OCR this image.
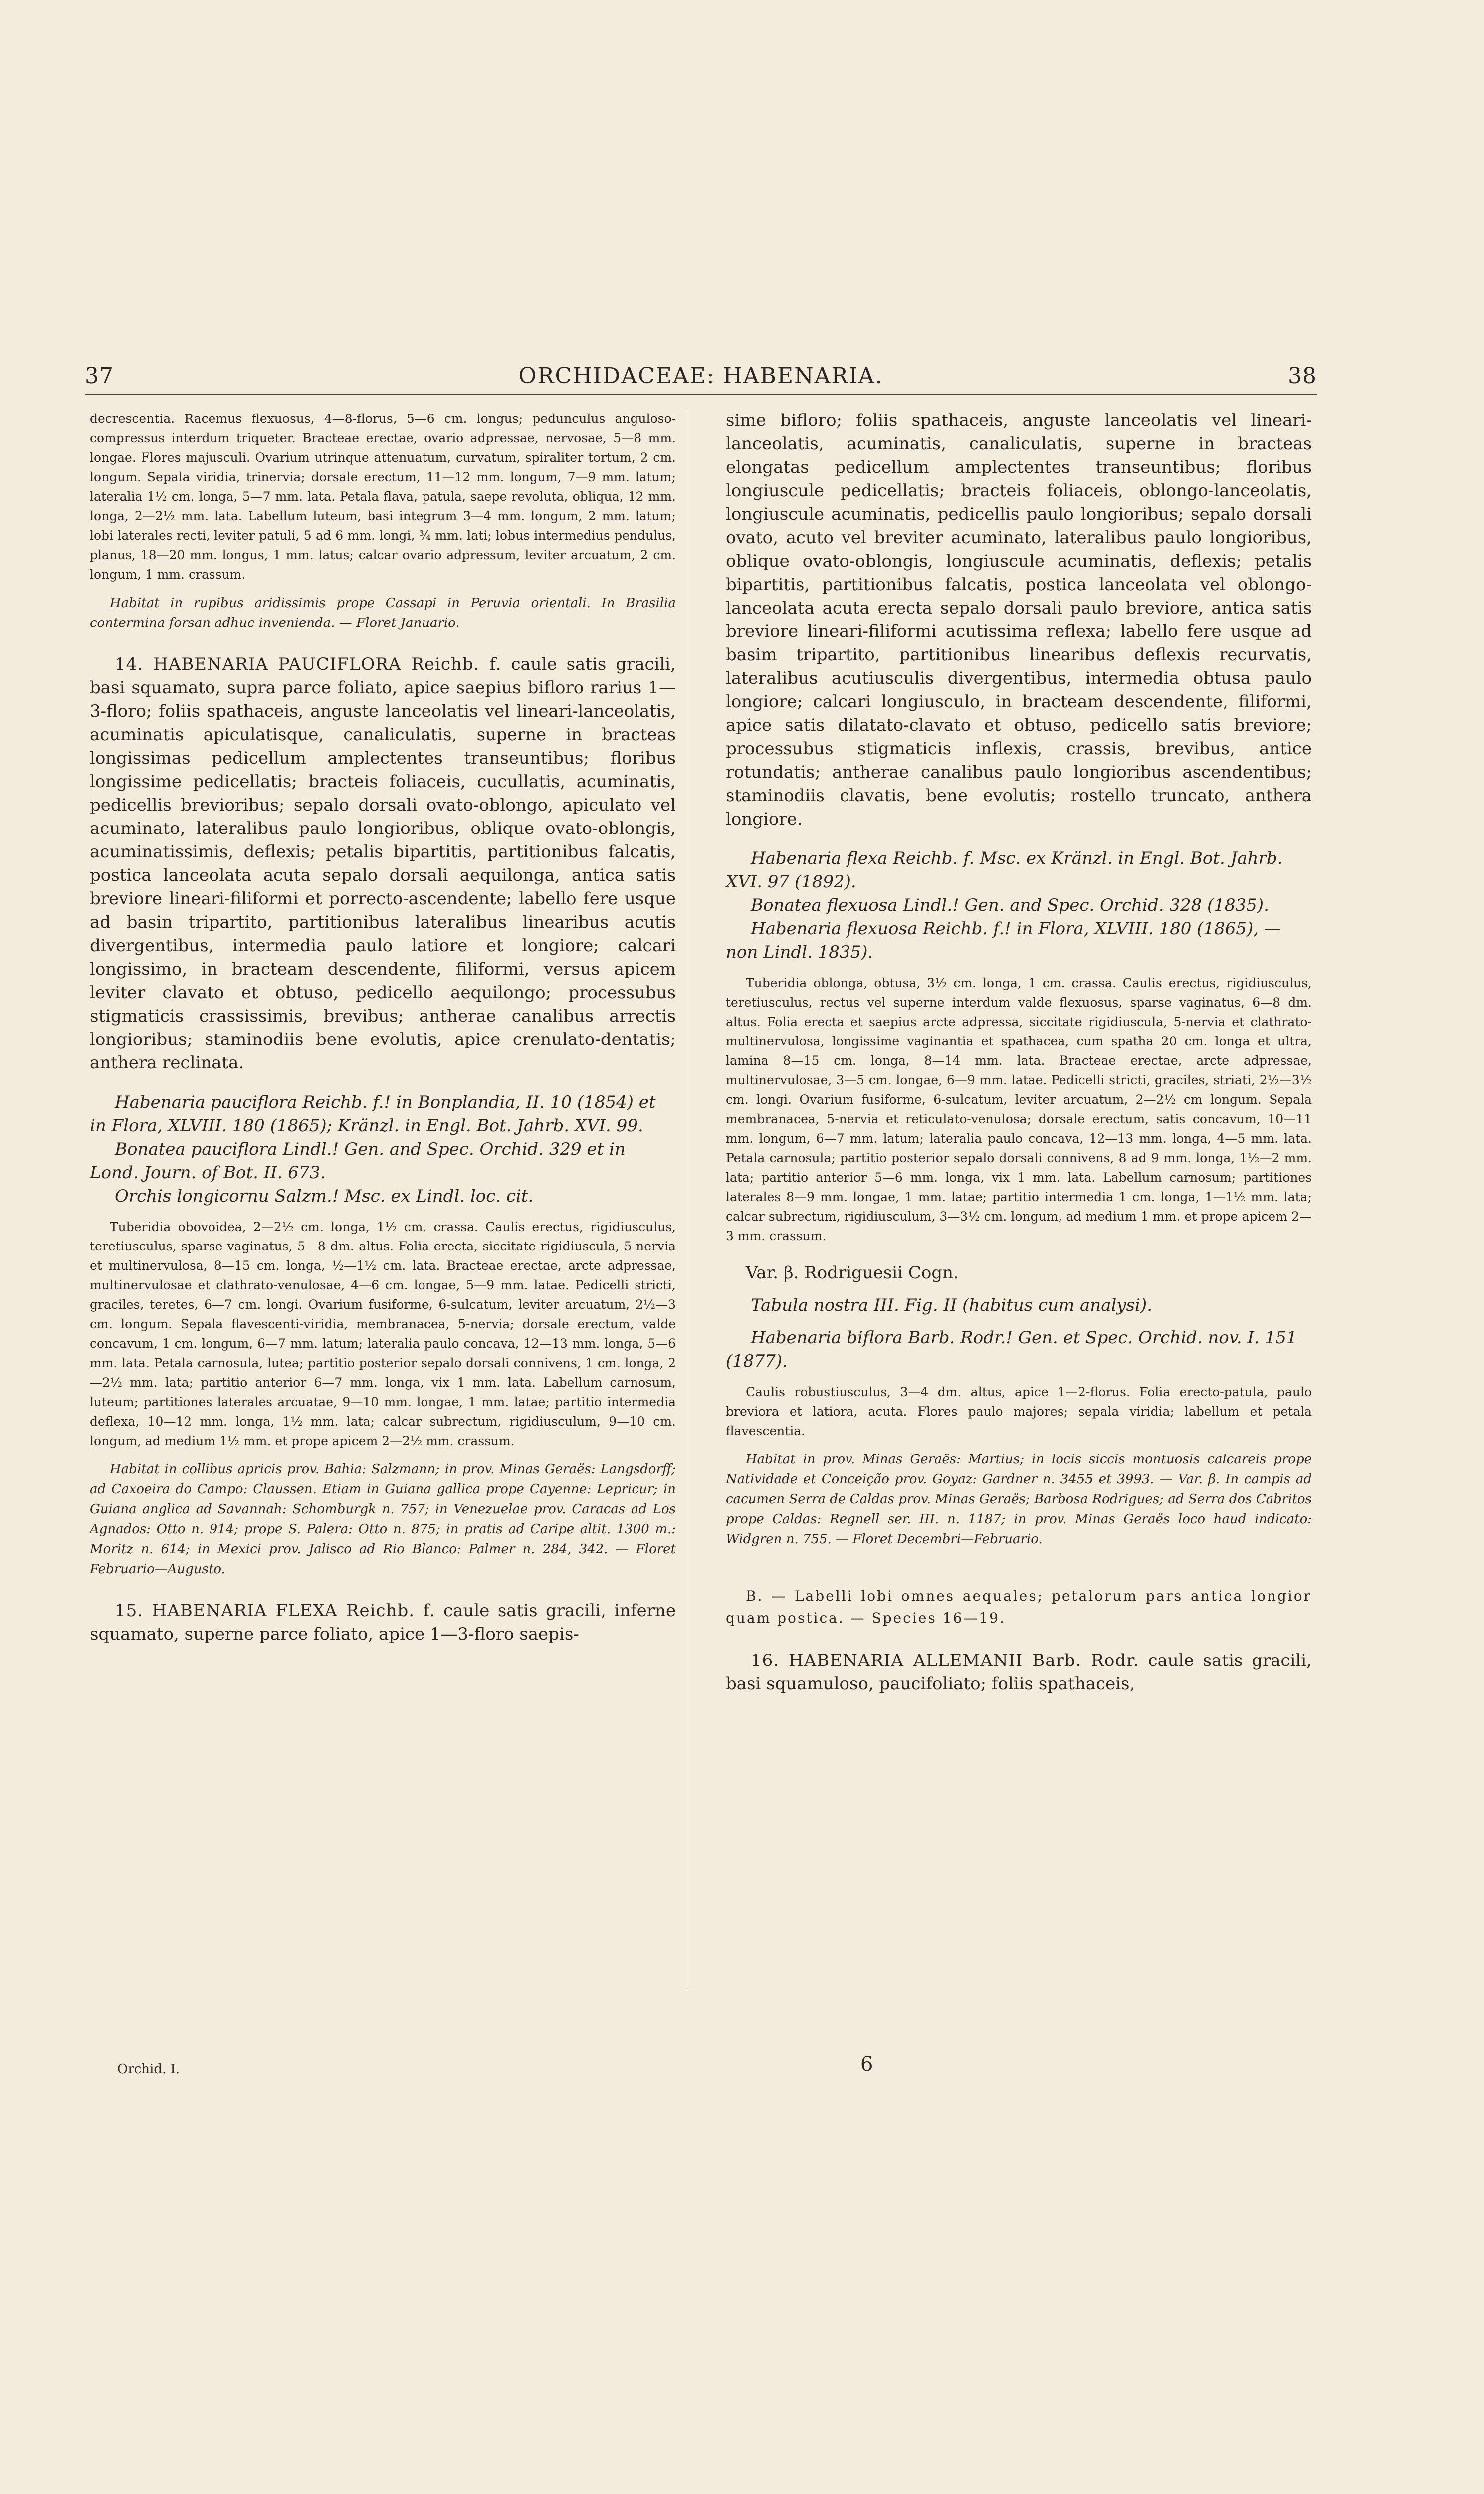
37	ORCHIDACEAE: HABENARIA.	38

decrescentia. Racemus flexuosus, 4—8-florus, 5—6 cm. longus; pedunculus anguloso-compressus interdum triqueter. Bracteae erectae, ovario adpressae, nervosae, 5—8 mm. longae. Flores majusculi. Ovarium utrinque attenuatum, curvatum, spiraliter tortum, 2 cm. longum. Sepala viridia, trinervia; dorsale erectum, 11—12 mm. longum, 7—9 mm. latum; lateralia 1½ cm. longa, 5—7 mm. lata. Petala flava, patula, saepe revoluta, obliqua, 12 mm. longa, 2—2½ mm. lata. Labellum luteum, basi integrum 3—4 mm. longum, 2 mm. latum; lobi laterales recti, leviter patuli, 5 ad 6 mm. longi, ¾ mm. lati; lobus intermedius pendulus, planus, 18—20 mm. longus, 1 mm. latus; calcar ovario adpressum, leviter arcuatum, 2 cm. longum, 1 mm. crassum.

Habitat in rupibus aridissimis prope Cassapi in Peruvia orientali. In Brasilia contermina forsan adhuc invenienda. — Floret Januario.

14. HABENARIA PAUCIFLORA Reichb. f. caule satis gracili, basi squamato, supra parce foliato, apice saepius bifloro rarius 1—3-floro; foliis spathaceis, anguste lanceolatis vel lineari-lanceolatis, acuminatis apiculatisque, canaliculatis, superne in bracteas longissimas pedicellum amplectentes transeuntibus; floribus longissime pedicellatis; bracteis foliaceis, cucullatis, acuminatis, pedicellis brevioribus; sepalo dorsali ovato-oblongo, apiculato vel acuminato, lateralibus paulo longioribus, oblique ovato-oblongis, acuminatissimis, deflexis; petalis bipartitis, partitionibus falcatis, postica lanceolata acuta sepalo dorsali aequilonga, antica satis breviore lineari-filiformi et porrecto-ascendente; labello fere usque ad basin tripartito, partitionibus lateralibus linearibus acutis divergentibus, intermedia paulo latiore et longiore; calcari longissimo, in bracteam descendente, filiformi, versus apicem leviter clavato et obtuso, pedicello aequilongo; processubus stigmaticis crassissimis, brevibus; antherae canalibus arrectis longioribus; staminodiis bene evolutis, apice crenulato-dentatis; anthera reclinata.

Habenaria pauciflora Reichb. f.! in Bonplandia, II. 10 (1854) et in Flora, XLVIII. 180 (1865); Kränzl. in Engl. Bot. Jahrb. XVI. 99.

Bonatea pauciflora Lindl.! Gen. and Spec. Orchid. 329 et in Lond. Journ. of Bot. II. 673.

Orchis longicornu Salzm.! Msc. ex Lindl. loc. cit.

Tuberidia obovoidea, 2—2½ cm. longa, 1½ cm. crassa. Caulis erectus, rigidiusculus, teretiusculus, sparse vaginatus, 5—8 dm. altus. Folia erecta, siccitate rigidiuscula, 5-nervia et multinervulosa, 8—15 cm. longa, ½—1½ cm. lata. Bracteae erectae, arcte adpressae, multinervulosae et clathrato-venulosae, 4—6 cm. longae, 5—9 mm. latae. Pedicelli stricti, graciles, teretes, 6—7 cm. longi. Ovarium fusiforme, 6-sulcatum, leviter arcuatum, 2½—3 cm. longum. Sepala flavescenti-viridia, membranacea, 5-nervia; dorsale erectum, valde concavum, 1 cm. longum, 6—7 mm. latum; lateralia paulo concava, 12—13 mm. longa, 5—6 mm. lata. Petala carnosula, lutea; partitio posterior sepalo dorsali connivens, 1 cm. longa, 2—2½ mm. lata; partitio anterior 6—7 mm. longa, vix 1 mm. lata. Labellum carnosum, luteum; partitiones laterales arcuatae, 9—10 mm. longae, 1 mm. latae; partitio intermedia deflexa, 10—12 mm. longa, 1½ mm. lata; calcar subrectum, rigidiusculum, 9—10 cm. longum, ad medium 1½ mm. et prope apicem 2—2½ mm. crassum.

Habitat in collibus apricis prov. Bahia: Salzmann; in prov. Minas Geraës: Langsdorff; ad Caxoeira do Campo: Claussen. Etiam in Guiana gallica prope Cayenne: Lepricur; in Guiana anglica ad Savannah: Schomburgk n. 757; in Venezuelae prov. Caracas ad Los Agnados: Otto n. 914; prope S. Palera: Otto n. 875; in pratis ad Caripe altit. 1300 m.: Moritz n. 614; in Mexici prov. Jalisco ad Rio Blanco: Palmer n. 284, 342. — Floret Februario—Augusto.

15. HABENARIA FLEXA Reichb. f. caule satis gracili, inferne squamato, superne parce foliato, apice 1—3-floro saepis-

sime bifloro; foliis spathaceis, anguste lanceolatis vel lineari-lanceolatis, acuminatis, canaliculatis, superne in bracteas elongatas pedicellum amplectentes transeuntibus; floribus longiuscule pedicellatis; bracteis foliaceis, oblongo-lanceolatis, longiuscule acuminatis, pedicellis paulo longioribus; sepalo dorsali ovato, acuto vel breviter acuminato, lateralibus paulo longioribus, oblique ovato-oblongis, longiuscule acuminatis, deflexis; petalis bipartitis, partitionibus falcatis, postica lanceolata vel oblongo-lanceolata acuta erecta sepalo dorsali paulo breviore, antica satis breviore lineari-filiformi acutissima reflexa; labello fere usque ad basim tripartito, partitionibus linearibus deflexis recurvatis, lateralibus acutiusculis divergentibus, intermedia obtusa paulo longiore; calcari longiusculo, in bracteam descendente, filiformi, apice satis dilatato-clavato et obtuso, pedicello satis breviore; processubus stigmaticis inflexis, crassis, brevibus, antice rotundatis; antherae canalibus paulo longioribus ascendentibus; staminodiis clavatis, bene evolutis; rostello truncato, anthera longiore.

Habenaria flexa Reichb. f. Msc. ex Kränzl. in Engl. Bot. Jahrb. XVI. 97 (1892).

Bonatea flexuosa Lindl.! Gen. and Spec. Orchid. 328 (1835).

Habenaria flexuosa Reichb. f.! in Flora, XLVIII. 180 (1865), — non Lindl. 1835).

Tuberidia oblonga, obtusa, 3½ cm. longa, 1 cm. crassa. Caulis erectus, rigidiusculus, teretiusculus, rectus vel superne interdum valde flexuosus, sparse vaginatus, 6—8 dm. altus. Folia erecta et saepius arcte adpressa, siccitate rigidiuscula, 5-nervia et clathrato-multinervulosa, longissime vaginantia et spathacea, cum spatha 20 cm. longa et ultra, lamina 8—15 cm. longa, 8—14 mm. lata. Bracteae erectae, arcte adpressae, multinervulosae, 3—5 cm. longae, 6—9 mm. latae. Pedicelli stricti, graciles, striati, 2½—3½ cm. longi. Ovarium fusiforme, 6-sulcatum, leviter arcuatum, 2—2½ cm longum. Sepala membranacea, 5-nervia et reticulato-venulosa; dorsale erectum, satis concavum, 10—11 mm. longum, 6—7 mm. latum; lateralia paulo concava, 12—13 mm. longa, 4—5 mm. lata. Petala carnosula; partitio posterior sepalo dorsali connivens, 8 ad 9 mm. longa, 1½—2 mm. lata; partitio anterior 5—6 mm. longa, vix 1 mm. lata. Labellum carnosum; partitiones laterales 8—9 mm. longae, 1 mm. latae; partitio intermedia 1 cm. longa, 1—1½ mm. lata; calcar subrectum, rigidiusculum, 3—3½ cm. longum, ad medium 1 mm. et prope apicem 2—3 mm. crassum.

Var. β. Rodriguesii Cogn.

Tabula nostra III. Fig. II (habitus cum analysi).

Habenaria biflora Barb. Rodr.! Gen. et Spec. Orchid. nov. I. 151 (1877).

Caulis robustiusculus, 3—4 dm. altus, apice 1—2-florus. Folia erecto-patula, paulo breviora et latiora, acuta. Flores paulo majores; sepala viridia; labellum et petala flavescentia.

Habitat in prov. Minas Geraës: Martius; in locis siccis montuosis calcareis prope Natividade et Conceição prov. Goyaz: Gardner n. 3455 et 3993. — Var. β. In campis ad cacumen Serra de Caldas prov. Minas Geraës; Barbosa Rodrigues; ad Serra dos Cabritos prope Caldas: Regnell ser. III. n. 1187; in prov. Minas Geraës loco haud indicato: Widgren n. 755. — Floret Decembri—Februario.

B. — Labelli lobi omnes aequales; petalorum pars antica longior quam postica. — Species 16—19.

16. HABENARIA ALLEMANII Barb. Rodr. caule satis gracili, basi squamuloso, paucifoliato; foliis spathaceis,

Orchid. I.	6
